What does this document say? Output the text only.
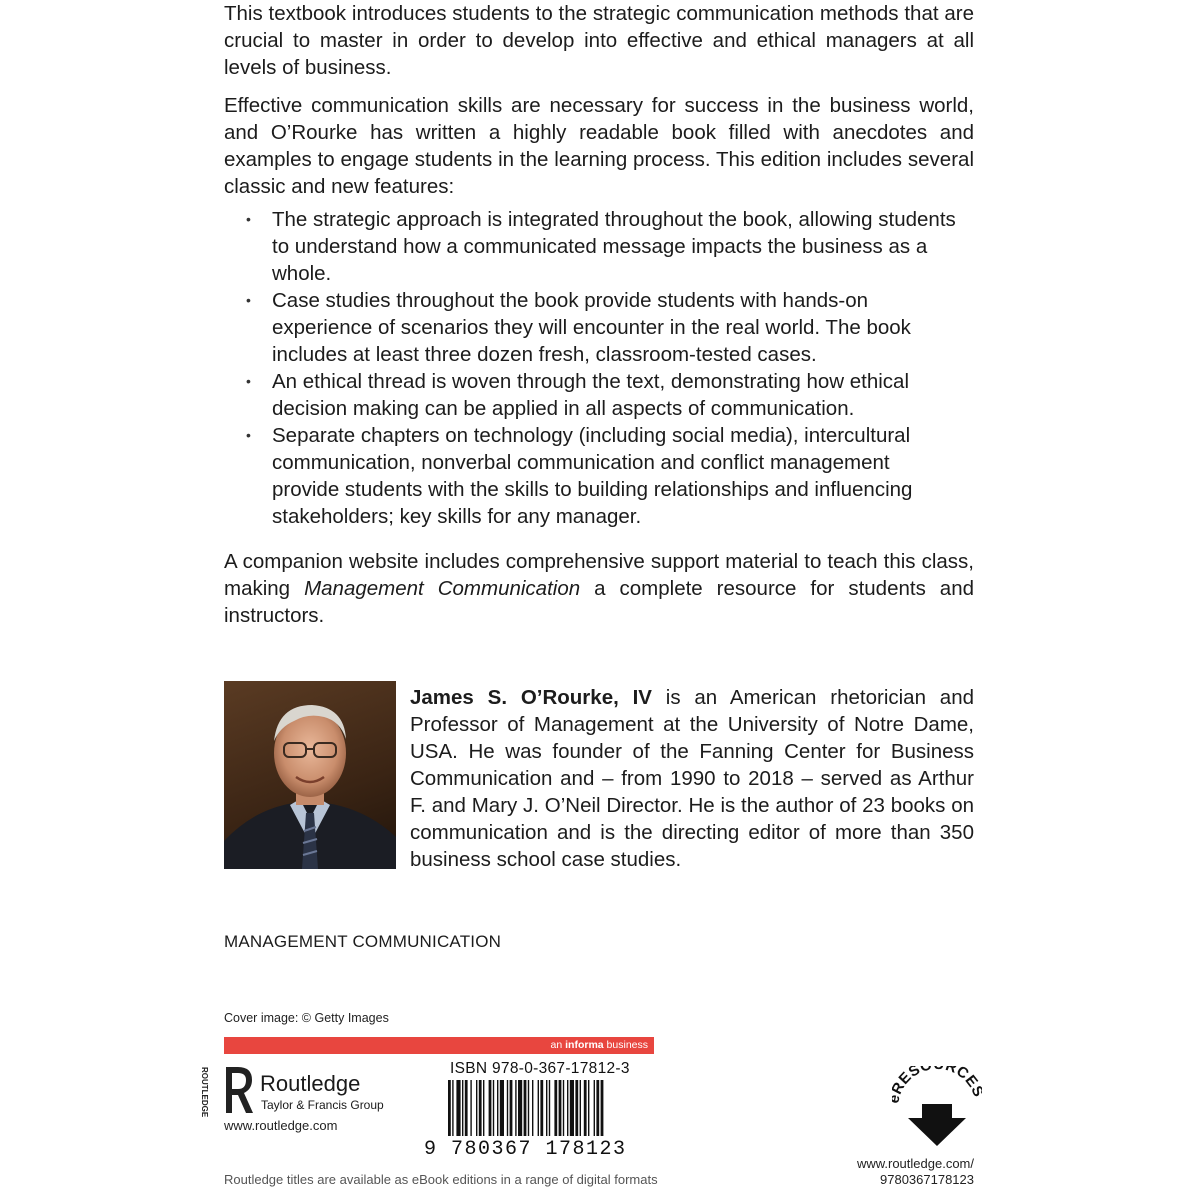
This textbook introduces students to the strategic communication methods that are crucial to master in order to develop into effective and ethical managers at all levels of business.

Effective communication skills are necessary for success in the business world, and O’Rourke has written a highly readable book filled with anecdotes and examples to engage students in the learning process. This edition includes several classic and new features:

• The strategic approach is integrated throughout the book, allowing students to understand how a communicated message impacts the business as a whole.
• Case studies throughout the book provide students with hands-on experience of scenarios they will encounter in the real world. The book includes at least three dozen fresh, classroom-tested cases.
• An ethical thread is woven through the text, demonstrating how ethical decision making can be applied in all aspects of communication.
• Separate chapters on technology (including social media), intercultural communication, nonverbal communication and conflict management provide students with the skills to building relationships and influencing stakeholders; key skills for any manager.

A companion website includes comprehensive support material to teach this class, making Management Communication a complete resource for students and instructors.

James S. O’Rourke, IV is an American rhetorician and Professor of Management at the University of Notre Dame, USA. He was founder of the Fanning Center for Business Communication and – from 1990 to 2018 – served as Arthur F. and Mary J. O’Neil Director. He is the author of 23 books on communication and is the directing editor of more than 350 business school case studies.

MANAGEMENT COMMUNICATION
Cover image: © Getty Images
an informa business
ROUTLEDGE Routledge
Taylor & Francis Group
www.routledge.com
ISBN 978-0-367-17812-3
9 780367 178123
Routledge titles are available as eBook editions in a range of digital formats
ES RCE
www.routledge.com/
9780367178123
